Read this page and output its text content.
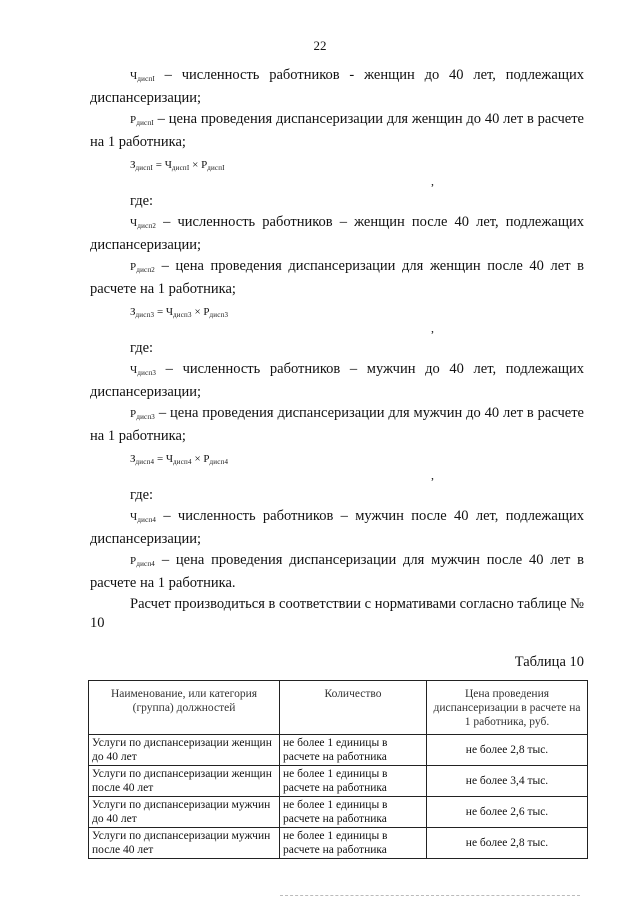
22

$Ч_{диспI}$ – численность работников - женщин до 40 лет, подлежащих диспансеризации;

$Р_{диспI}$ – цена проведения диспансеризации для женщин до 40 лет в расчете на 1 работника;

$З_{диспI} = Ч_{диспI} \times Р_{диспI}$
,

где:

$Ч_{дисп2}$ – численность работников – женщин после 40 лет, подлежащих диспансеризации;

$Р_{дисп2}$ – цена проведения диспансеризации для женщин после 40 лет в расчете на 1 работника;

$З_{дисп3} = Ч_{дисп3} \times Р_{дисп3}$
,

где:

$Ч_{дисп3}$ – численность работников – мужчин до 40 лет, подлежащих диспансеризации;

$Р_{дисп3}$ – цена проведения диспансеризации для мужчин до 40 лет в расчете на 1 работника;

$З_{дисп4} = Ч_{дисп4} \times Р_{дисп4}$
,

где:

$Ч_{дисп4}$ – численность работников – мужчин после 40 лет, подлежащих диспансеризации;

$Р_{дисп4}$ – цена проведения диспансеризации для мужчин после 40 лет в расчете на 1 работника.

Расчет производиться в соответствии с нормативами согласно таблице № 10

Таблица 10
Наименование, или категория (группа) должностей	Количество	Цена проведения диспансеризации в расчете на 1 работника, руб.
Услуги по диспансеризации женщин до 40 лет	не более 1 единицы в расчете на работника	не более 2,8 тыс.
Услуги по диспансеризации женщин после 40 лет	не более 1 единицы в расчете на работника	не более 3,4 тыс.
Услуги по диспансеризации мужчин до 40 лет	не более 1 единицы в расчете на работника	не более 2,6 тыс.
Услуги по диспансеризации мужчин после 40 лет	не более 1 единицы в расчете на работника	не более 2,8 тыс.
